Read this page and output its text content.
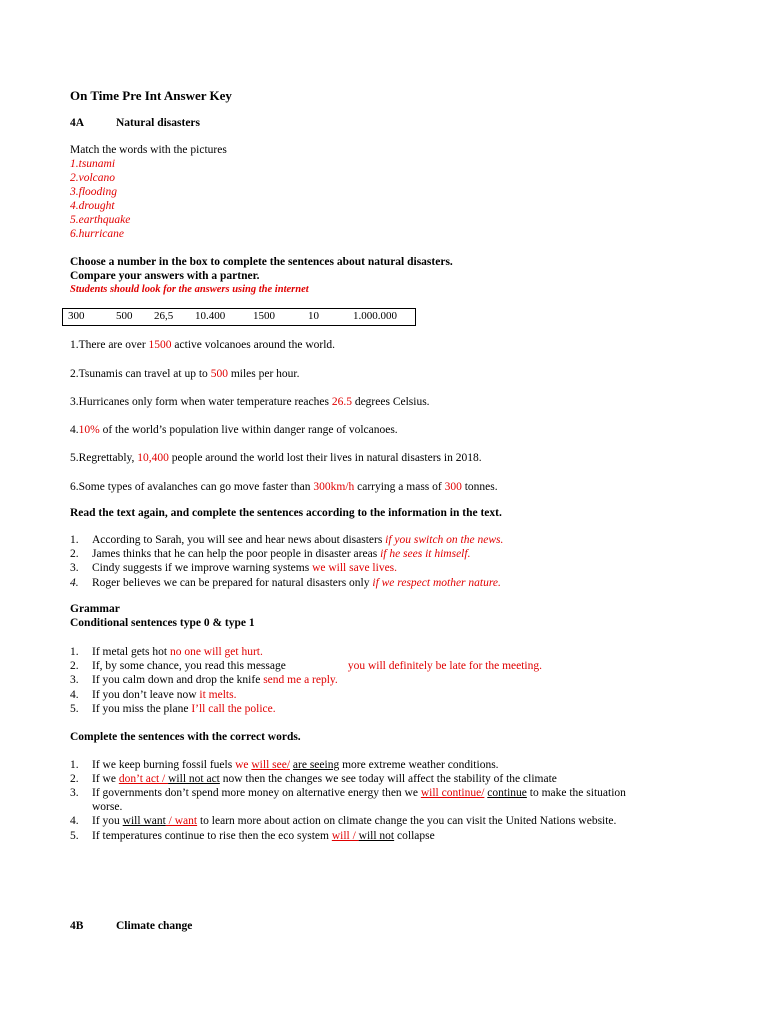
On Time Pre Int Answer Key
4A	Natural disasters
Match the words with the pictures
1.tsunami
2.volcano
3.flooding
4.drought
5.earthquake
6.hurricane
Choose a number in the box to complete the sentences about natural disasters.
Compare your answers with a partner.
Students should look for the answers using the internet
300	500 26,5 10.400	1500	10	1.000.000
1.There are over 1500 active volcanoes around the world.
2.Tsunamis can travel at up to 500 miles per hour.
3.Hurricanes only form when water temperature reaches 26.5 degrees Celsius.
4.10% of the world’s population live within danger range of volcanoes.
5.Regrettably, 10,400 people around the world lost their lives in natural disasters in 2018.
6.Some types of avalanches can go move faster than 300km/h carrying a mass of 300 tonnes.
Read the text again, and complete the sentences according to the information in the text.
1. According to Sarah, you will see and hear news about disasters if you switch on the news.
2. James thinks that he can help the poor people in disaster areas if he sees it himself.
3. Cindy suggests if we improve warning systems we will save lives.
4. Roger believes we can be prepared for natural disasters only if we respect mother nature.
Grammar
Conditional sentences type 0 & type 1
1. If metal gets hot no one will get hurt.
2. If, by some chance, you read this message	you will definitely be late for the meeting.
3. If you calm down and drop the knife send me a reply.
4. If you don’t leave now it melts.
5. If you miss the plane I’ll call the police.
Complete the sentences with the correct words.
1. If we keep burning fossil fuels we will see/ are seeing more extreme weather conditions.
2. If we don’t act / will not act now then the changes we see today will affect the stability of the climate
3. If governments don’t spend more money on alternative energy then we will continue/ continue to make the situation
worse.
4. If you will want / want to learn more about action on climate change the you can visit the United Nations website.
5. If temperatures continue to rise then the eco system will / will not collapse
4B	Climate change
